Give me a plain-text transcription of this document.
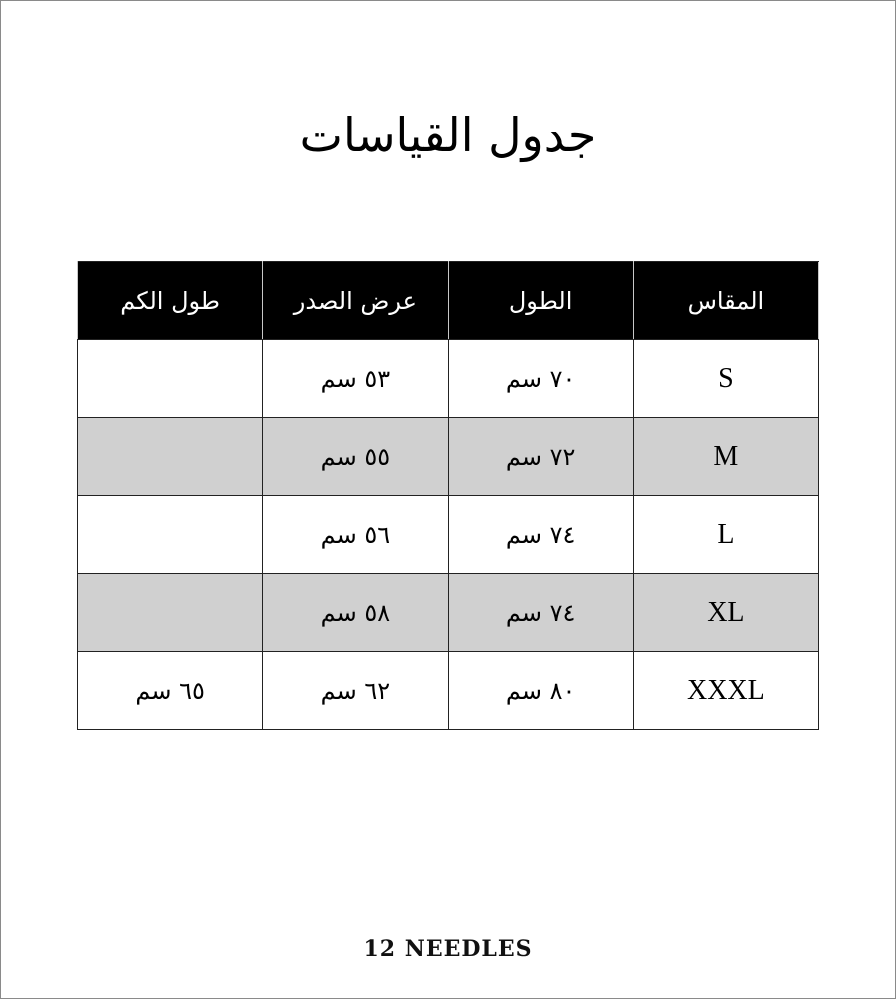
جدول القياسات
المقاس	الطول	عرض الصدر	طول الكم
S	٧٠ سم	٥٣ سم	
M	٧٢ سم	٥٥ سم	
L	٧٤ سم	٥٦ سم	
XL	٧٤ سم	٥٨ سم	
XXXL	٨٠ سم	٦٢ سم	٦٥ سم
12 NEEDLES
